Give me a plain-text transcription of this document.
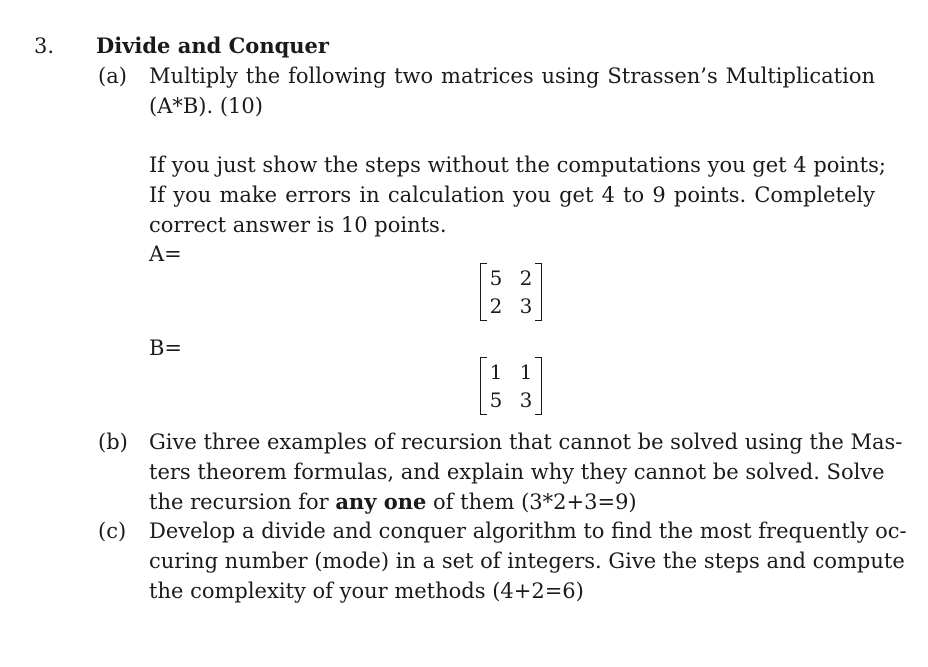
3. Divide and Conquer
(a) Multiply the following two matrices using Strassen’s Multiplication
(A*B). (10)
If you just show the steps without the computations you get 4 points;
If you make errors in calculation you get 4 to 9 points. Completely
correct answer is 10 points.
A=
5 2
2 3
B=
1 1
5 3
(b) Give three examples of recursion that cannot be solved using the Mas-
ters theorem formulas, and explain why they cannot be solved. Solve
the recursion for any one of them (3*2+3=9)
(c) Develop a divide and conquer algorithm to find the most frequently oc-
curing number (mode) in a set of integers. Give the steps and compute
the complexity of your methods (4+2=6)
